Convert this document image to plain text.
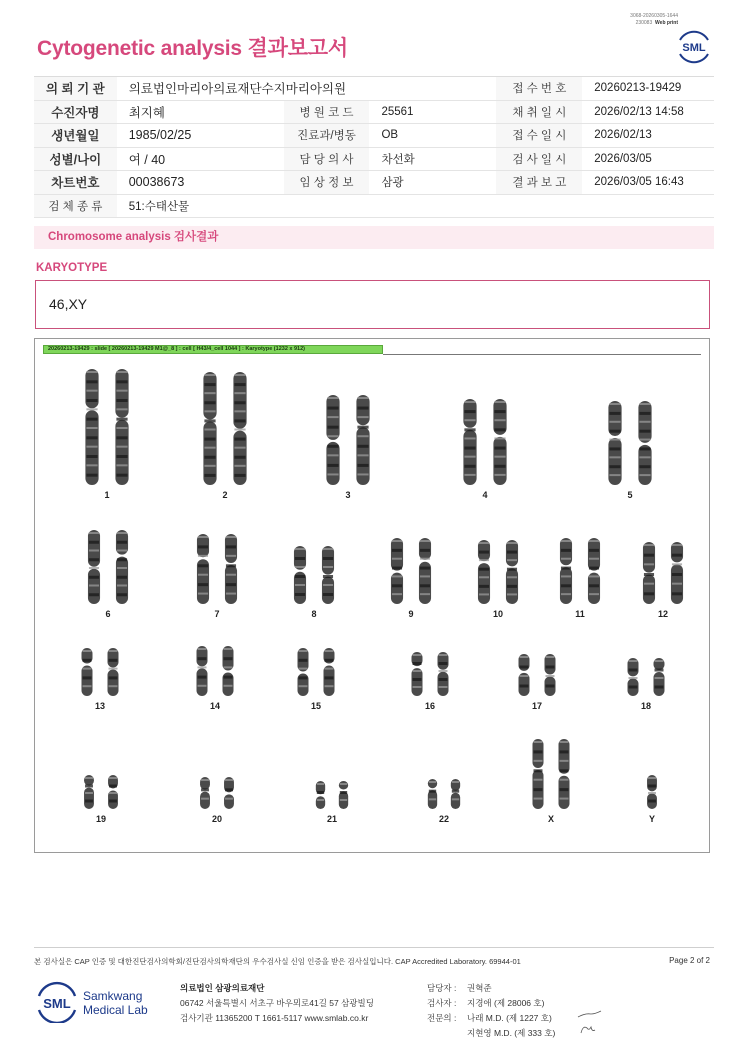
3068-20260305-1644
230083 Web print
Cytogenetic analysis 결과보고서	SML
의 뢰 기 관	의료법인마리아의료재단수지마리아의원			접 수 번 호	20260213-19429
수진자명	최지혜	병 원 코 드	25561	채 취 일 시	2026/02/13 14:58
생년월일	1985/02/25	진료과/병동	OB	접 수 일 시	2026/02/13
성별/나이	여 / 40	담 당 의 사	차선화	검 사 일 시	2026/03/05
차트번호	00038673	임 상 정 보	삼광	결 과 보 고	2026/03/05 16:43
검 체 종 류	51:수태산물				
Chromosome analysis 검사결과
KARYOTYPE
46,XY
20260213-19429 : slide [ 20260213-19429 M1@_8 ] : cell [ H43/4_cell 1044 ] : Karyotype (1232 x 912)
1	2	3	4	5
6	7	8	9	10	11	12
13	14	15	16	17	18
19	20	21	22	X	Y
본 검사실은 CAP 인증 및 대한진단검사의학회/진단검사의학재단의 우수검사실 신임 인증을 받은 검사실입니다. CAP Accredited Laboratory. 69944-01	Page 2 of 2
SML Samkwang
Medical Lab
의료법인 삼광의료재단
06742 서울특별시 서초구 바우뫼로41길 57 삼광빌딩
검사기관 11365200 T 1661-5117 www.smlab.co.kr
담당자 :	권혁준
검사자 :	지경애 (제 28006 호)
전문의 :	나래 M.D. (제 1227 호)
지현영 M.D. (제 333 호)
